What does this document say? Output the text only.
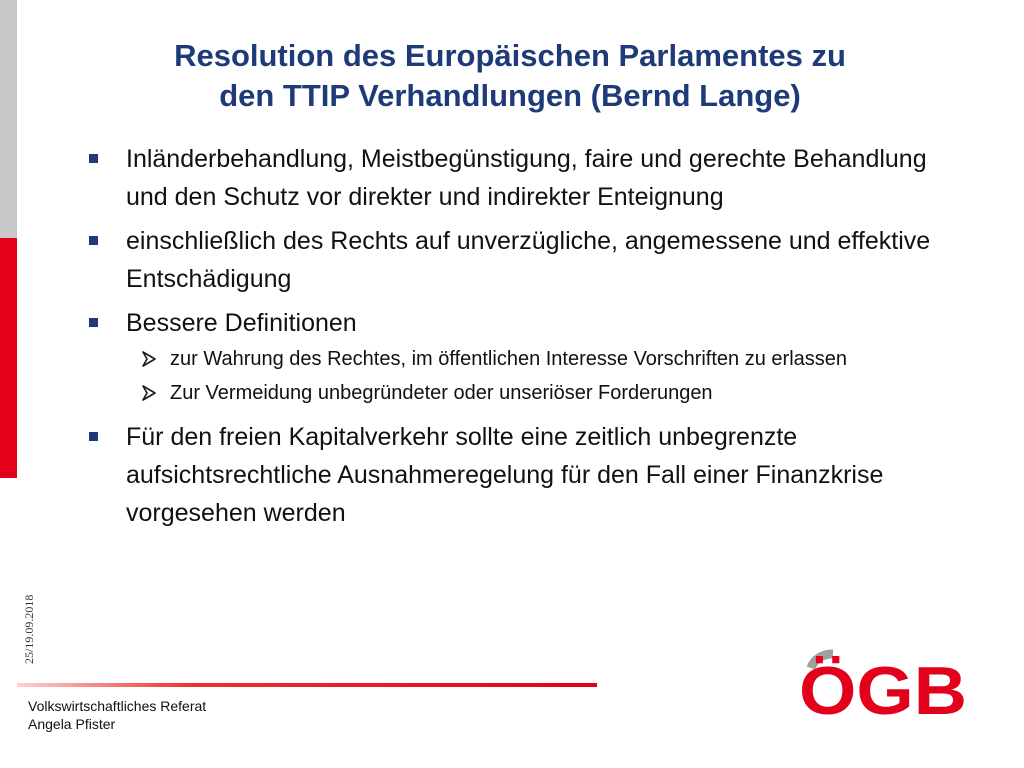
Resolution des Europäischen Parlamentes zu
den TTIP Verhandlungen (Bernd Lange)
Inländerbehandlung, Meistbegünstigung, faire und gerechte Behandlung und den Schutz vor direkter und indirekter Enteignung
einschließlich des Rechts auf unverzügliche, angemessene und effektive Entschädigung
Bessere Definitionen
zur Wahrung des Rechtes, im öffentlichen Interesse Vorschriften zu erlassen
Zur Vermeidung unbegründeter oder unseriöser Forderungen
Für den freien Kapitalverkehr sollte eine zeitlich unbegrenzte aufsichtsrechtliche Ausnahmeregelung für den Fall einer Finanzkrise vorgesehen werden
25/19.09.2018
Volkswirtschaftliches Referat
Angela Pfister	ÖGB
